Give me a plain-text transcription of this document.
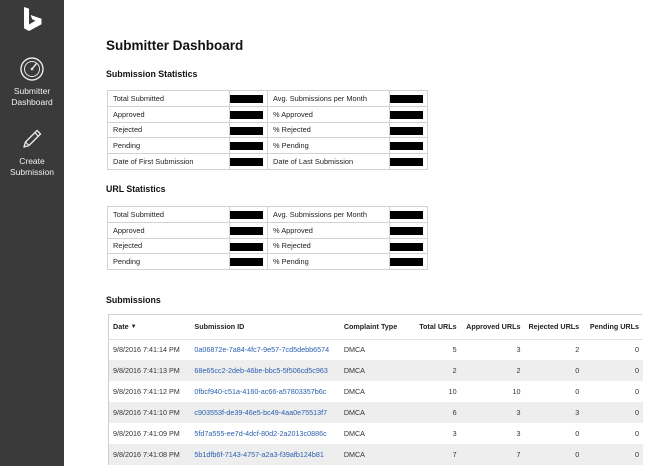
Submitter
Dashboard
Create
Submission
Submitter Dashboard
Submission Statistics
Total Submitted		Avg. Submissions per Month	
Approved		% Approved	
Rejected		% Rejected	
Pending		% Pending	
Date of First Submission		Date of Last Submission	
URL Statistics
Total Submitted		Avg. Submissions per Month	
Approved		% Approved	
Rejected		% Rejected	
Pending		% Pending	
Submissions
Date ▼	Submission ID	Complaint Type	Total URLs	Approved URLs	Rejected URLs	Pending URLs
9/8/2016 7:41:14 PM	0a06872e-7a84-4fc7-9e57-7cd5debb6574	DMCA	5	3	2	0
9/8/2016 7:41:13 PM	68e65cc2-2deb-46be-bbc5-5f506cd5c963	DMCA	2	2	0	0
9/8/2016 7:41:12 PM	0fbcf940-c51a-4160-ac66-a57803357b6c	DMCA	10	10	0	0
9/8/2016 7:41:10 PM	c903553f-de39-46e5-bc49-4aa0e75513f7	DMCA	6	3	3	0
9/8/2016 7:41:09 PM	5fd7a555-ee7d-4dcf-80d2-2a2013c0886c	DMCA	3	3	0	0
9/8/2016 7:41:08 PM	5b1dfb6f-7143-4757-a2a3-f39afb124b81	DMCA	7	7	0	0
